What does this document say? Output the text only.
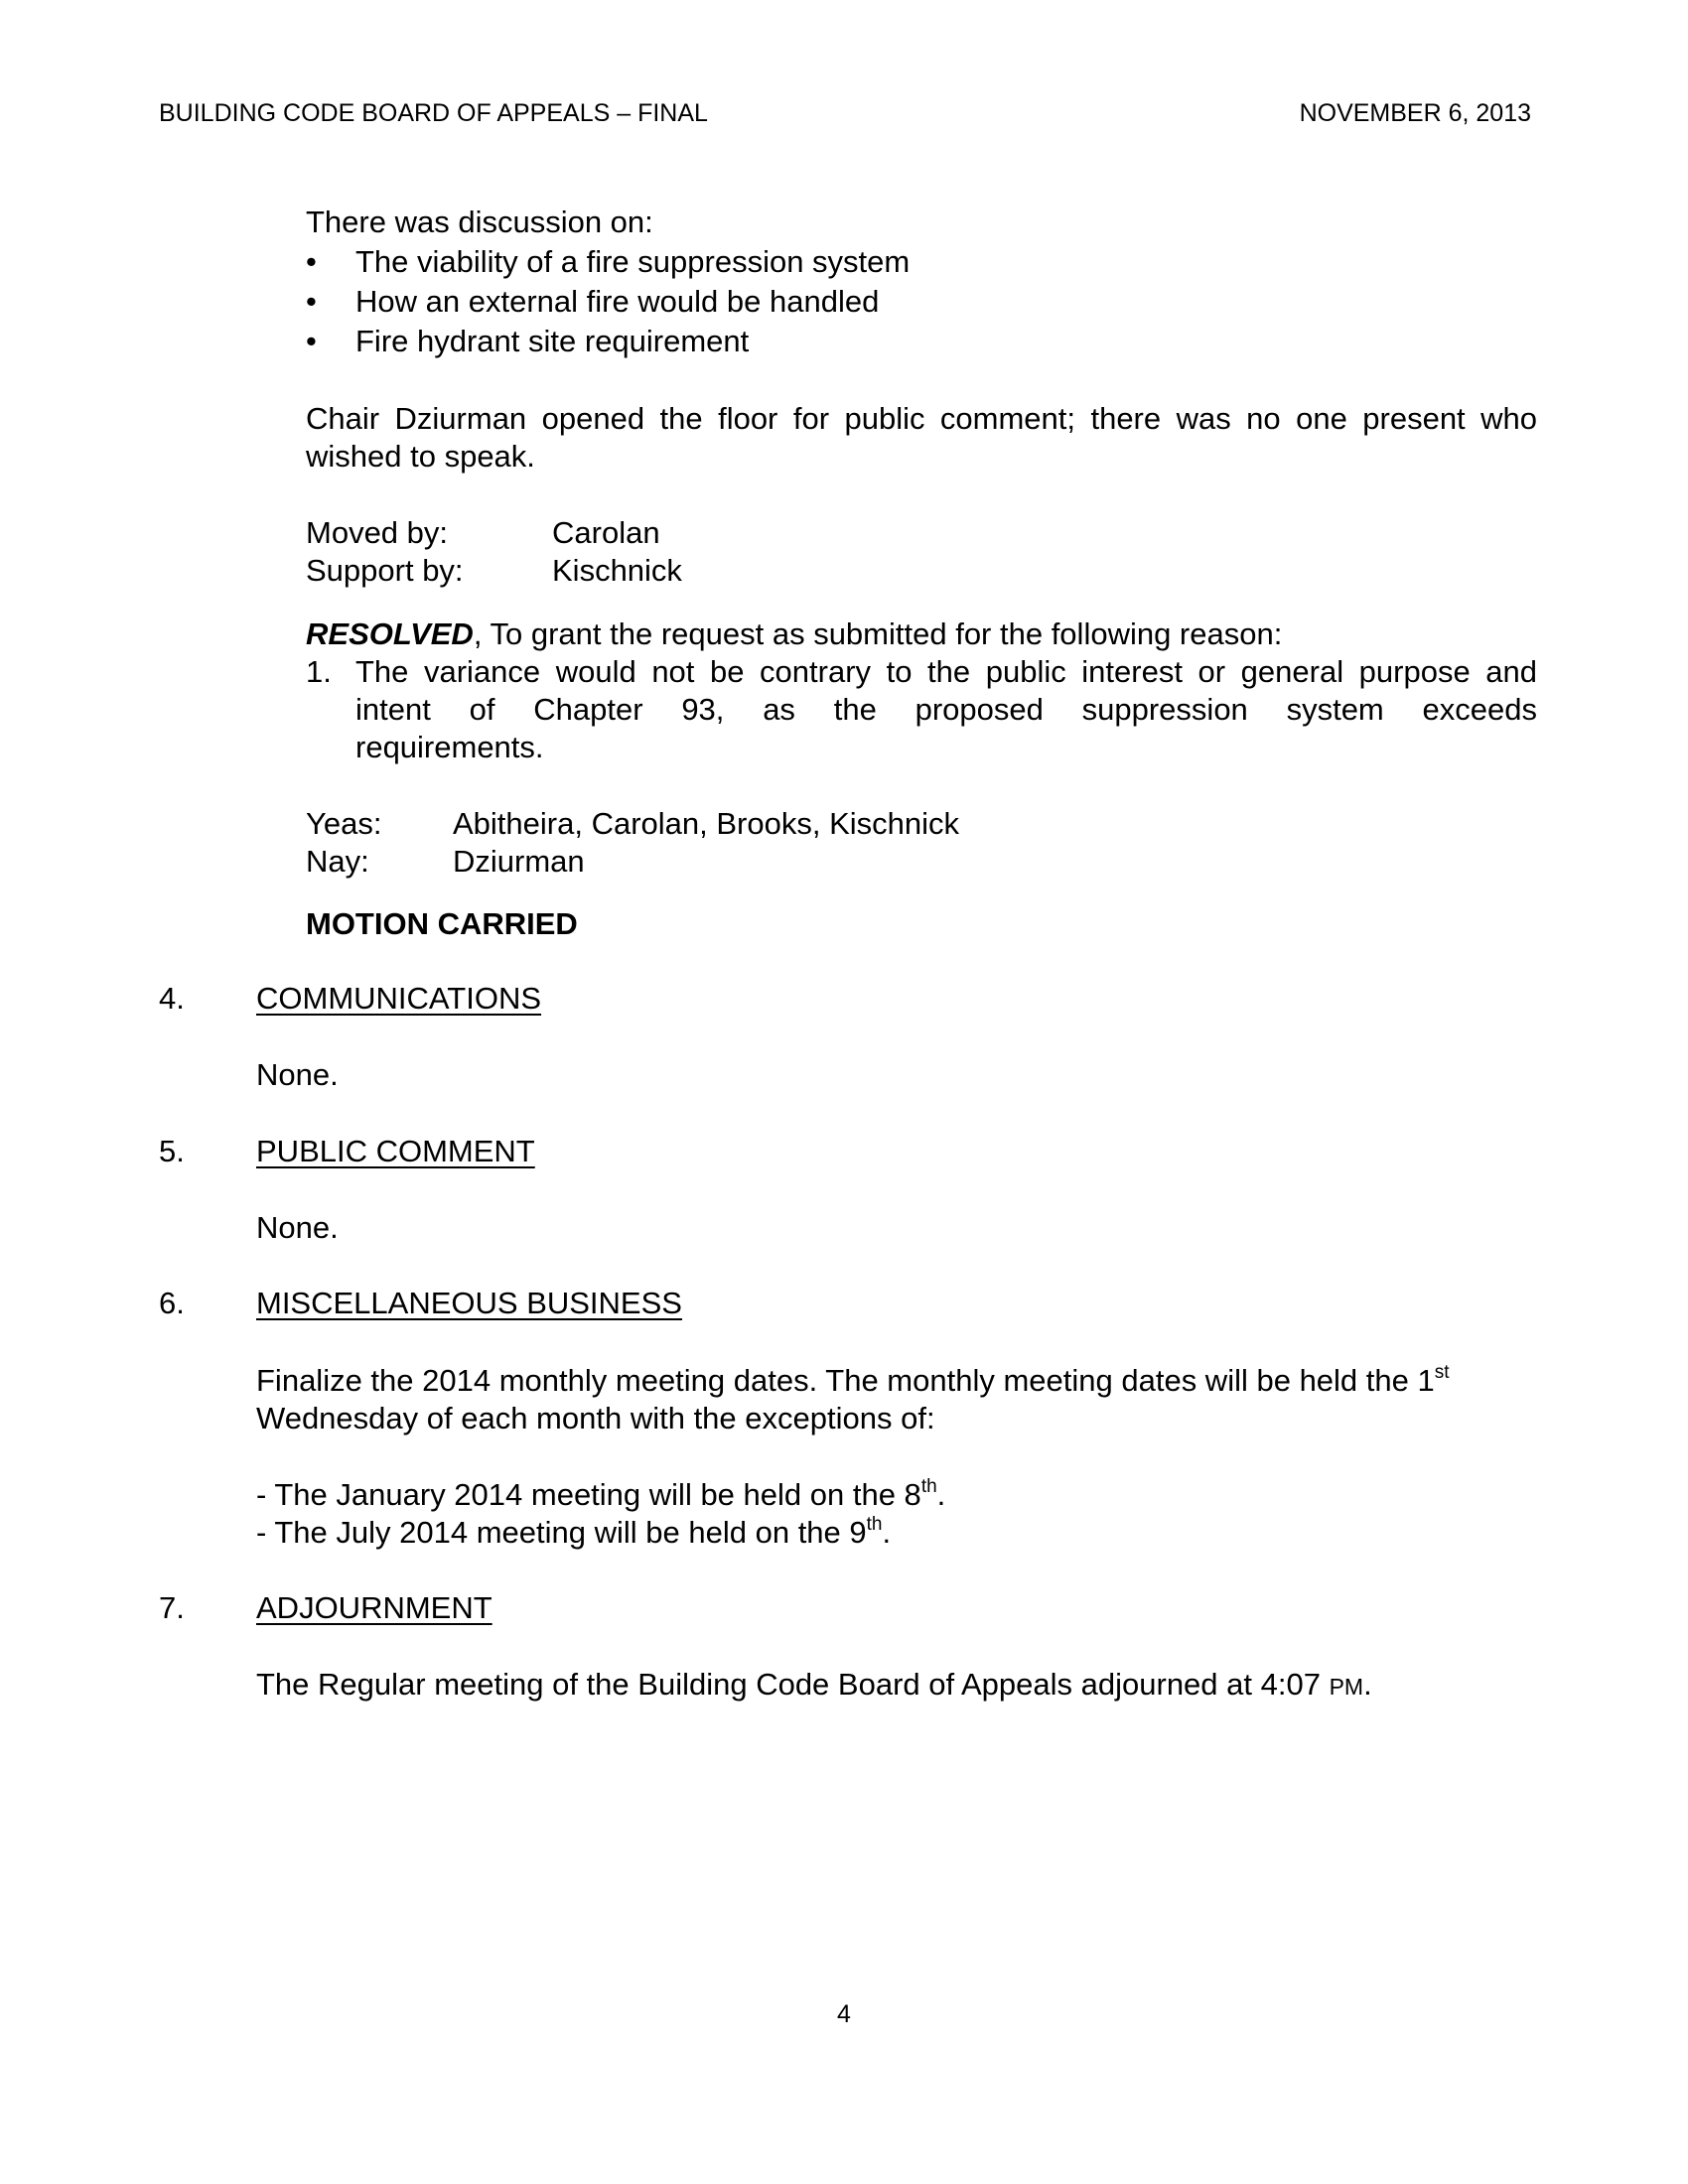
BUILDING CODE BOARD OF APPEALS – FINAL	NOVEMBER 6, 2013
There was discussion on:
• The viability of a fire suppression system
• How an external fire would be handled
• Fire hydrant site requirement
Chair Dziurman opened the floor for public comment; there was no one present who
wished to speak.
Moved by:	Carolan
Support by:	Kischnick
RESOLVED, To grant the request as submitted for the following reason:
1. The variance would not be contrary to the public interest or general purpose and
intent of Chapter 93, as the proposed suppression system exceeds
requirements.
Yeas: Abitheira, Carolan, Brooks, Kischnick
Nay:	Dziurman
MOTION CARRIED
4. COMMUNICATIONS
None.
5. PUBLIC COMMENT
None.
6. MISCELLANEOUS BUSINESS
Finalize the 2014 monthly meeting dates. The monthly meeting dates will be held the 1st
Wednesday of each month with the exceptions of:
- The January 2014 meeting will be held on the 8th.
- The July 2014 meeting will be held on the 9th.
7. ADJOURNMENT
The Regular meeting of the Building Code Board of Appeals adjourned at 4:07 PM.
4
